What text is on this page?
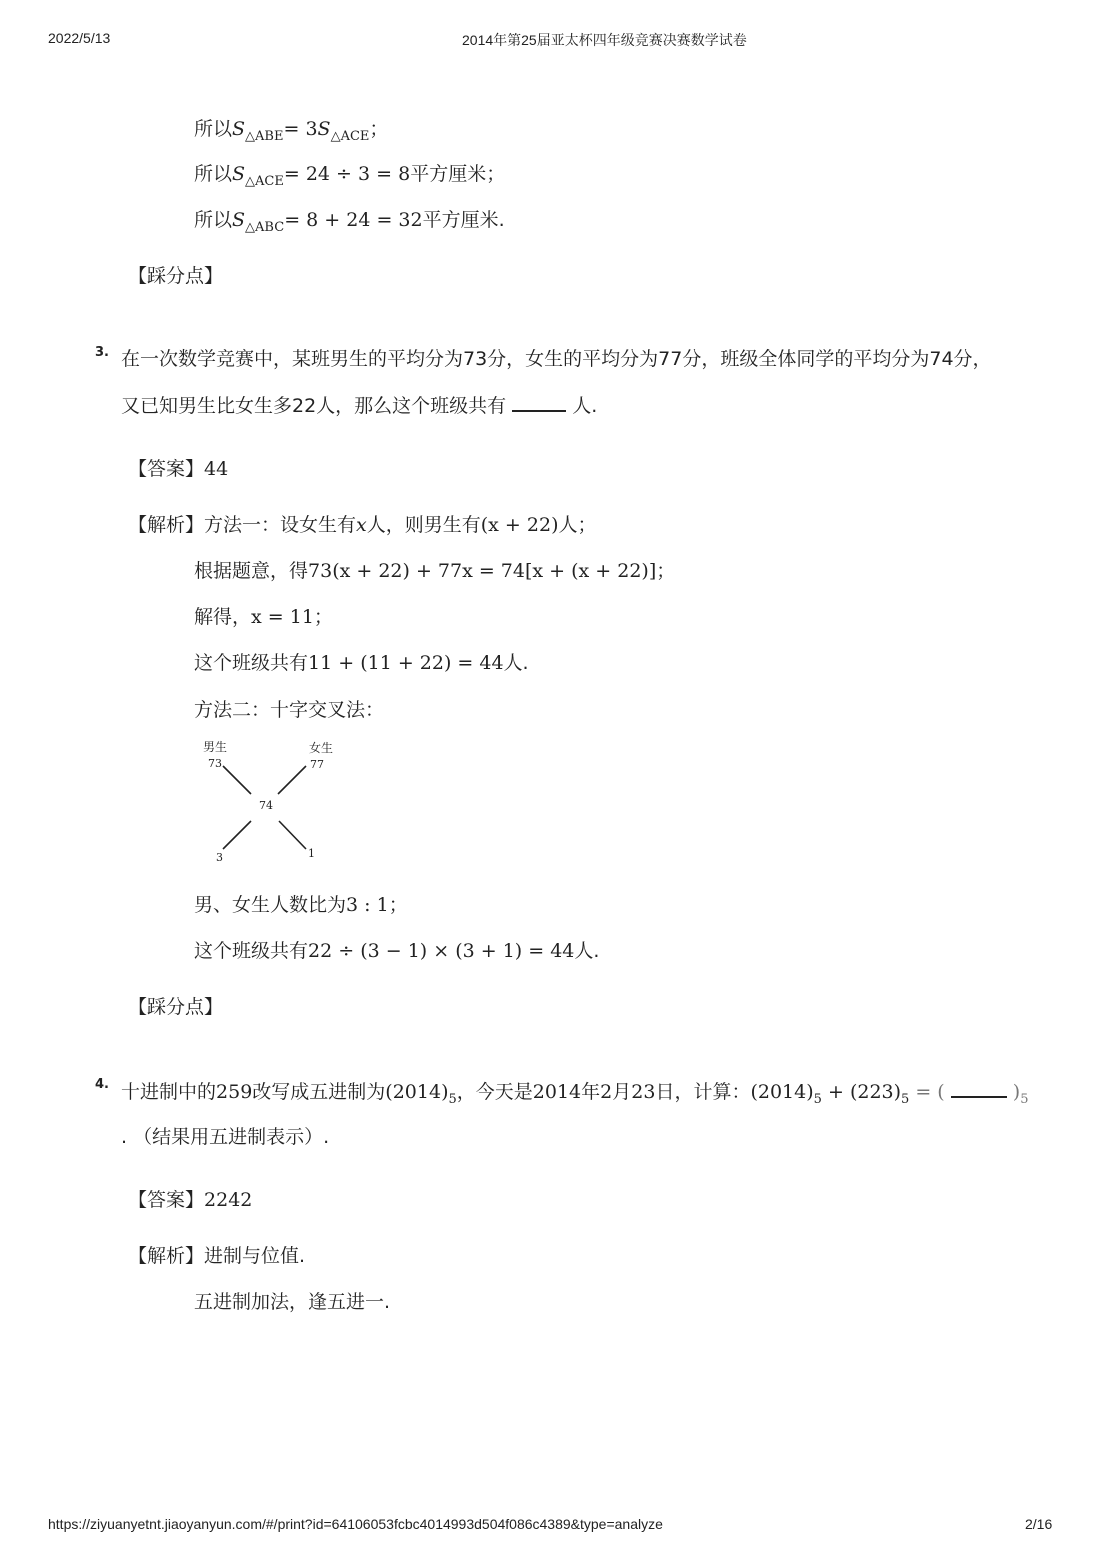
2022/5/13	2014年第25届亚太杯四年级竞赛决赛数学试卷
所以$S_{\triangle ABE}= 3S_{\triangle ACE}$；
所以$S_{\triangle ACE}= 24 \div 3 = 8$平方厘米；
所以$S_{\triangle ABC}= 8 + 24 = 32$平方厘米.
【踩分点】
3. 在一次数学竞赛中，某班男生的平均分为73分，女生的平均分为77分，班级全体同学的平均分为74分，
又已知男生比女生多22人，那么这个班级共有	人.
【答案】44
【解析】方法一：设女生有x人，则男生有(x + 22)人；
根据题意，得73(x + 22) + 77x = 74[x + (x + 22)]；
解得，x = 11；
这个班级共有11 + (11 + 22) = 44人.
方法二：十字交叉法：
男生	女生
73	77
74
3	1
男、女生人数比为3 : 1；
这个班级共有22 ÷ (3 − 1) × (3 + 1) = 44人.
【踩分点】
4. 十进制中的259改写成五进制为$(2014)_5$，今天是2014年2月23日，计算：$(2014)_5 + (223)_5$ = (	)$_5$
. （结果用五进制表示）.
【答案】2242
【解析】进制与位值.
五进制加法，逢五进一.
https://ziyuanyetnt.jiaoyanyun.com/#/print?id=64106053fcbc4014993d504f086c4389&type=analyze	2/16
